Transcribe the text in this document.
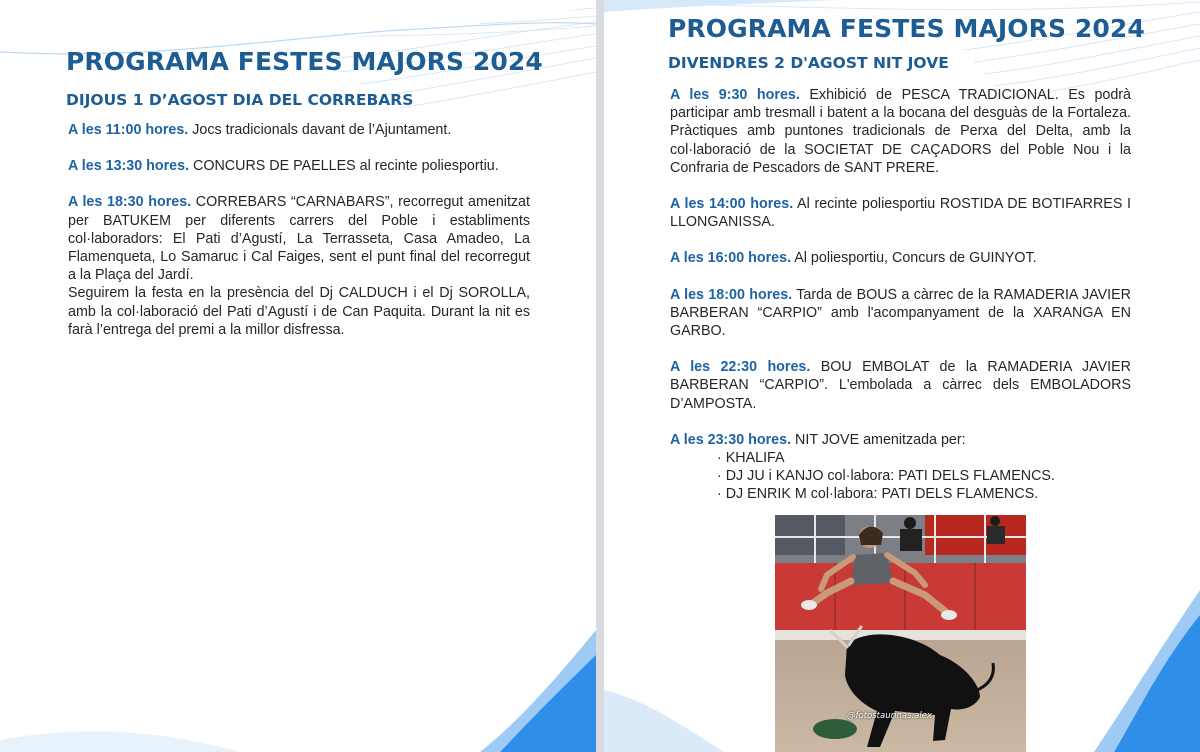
PROGRAMA FESTES MAJORS 2024
DIJOUS 1 D’AGOST DIA DEL CORREBARS

A les 11:00 hores. Jocs tradicionals davant de l’Ajuntament.

A les 13:30 hores. CONCURS DE PAELLES al recinte poliesportiu.

A les 18:30 hores. CORREBARS “CARNABARS”, recorregut amenitzat per BATUKEM per diferents carrers del Poble i establiments col·laboradors: El Pati d’Agustí, La Terrasseta, Casa Amadeo, La Flamenqueta, Lo Samaruc i Cal Faiges, sent el punt final del recorregut a la Plaça del Jardí.
Seguirem la festa en la presència del Dj CALDUCH i el Dj SOROLLA, amb la col·laboració del Pati d’Agustí i de Can Paquita. Durant la nit es farà l’entrega del premi a la millor disfressa.

PROGRAMA FESTES MAJORS 2024
DIVENDRES 2 D'AGOST NIT JOVE

A les 9:30 hores. Exhibició de PESCA TRADICIONAL. Es podrà participar amb tresmall i batent a la bocana del desguàs de la Fortaleza. Pràctiques amb puntones tradicionals de Perxa del Delta, amb la col·laboració de la SOCIETAT DE CAÇADORS del Poble Nou i la Confraria de Pescadors de SANT PRERE.

A les 14:00 hores. Al recinte poliesportiu ROSTIDA DE BOTIFARRES I LLONGANISSA.

A les 16:00 hores. Al poliesportiu, Concurs de GUINYOT.

A les 18:00 hores. Tarda de BOUS a càrrec de la RAMADERIA JAVIER BARBERAN “CARPIO” amb l'acompanyament de la XARANGA EN GARBO.

A les 22:30 hores. BOU EMBOLAT de la RAMADERIA JAVIER BARBERAN “CARPIO”. L'embolada a càrrec dels EMBOLADORS D’AMPOSTA.

A les 23:30 hores. NIT JOVE amenitzada per:

· KHALIFA
· DJ JU i KANJO col·labora: PATI DELS FLAMENCS.
· DJ ENRIK M col·labora: PATI DELS FLAMENCS.
@fotostaurinas.alex
